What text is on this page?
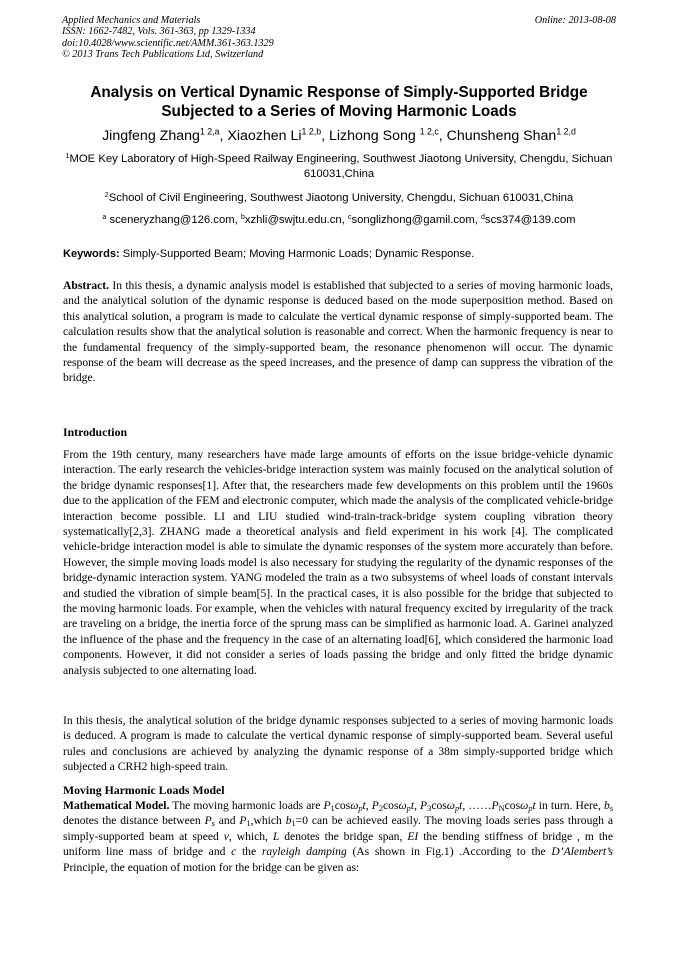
Applied Mechanics and Materials
ISSN: 1662-7482, Vols. 361-363, pp 1329-1334
doi:10.4028/www.scientific.net/AMM.361-363.1329
© 2013 Trans Tech Publications Ltd, Switzerland
Online: 2013-08-08
Analysis on Vertical Dynamic Response of Simply-Supported Bridge
Subjected to a Series of Moving Harmonic Loads
Jingfeng Zhang$^{1 2,a}$, Xiaozhen $Li^{1 2,b}$, Lizhong Song $^{1 2,c}$, Chunsheng Shan$^{1 2,d}$
$^1$MOE Key Laboratory of High-Speed Railway Engineering, Southwest Jiaotong University, Chengdu, Sichuan 610031,China
$^2$School of Civil Engineering, Southwest Jiaotong University, Chengdu, Sichuan 610031,China
$^a$ sceneryzhang@126.com, $^b$xzhli@swjtu.edu.cn, $^c$songlizhong@gamil.com, $^d$scs374@139.com
Keywords: Simply-Supported Beam; Moving Harmonic Loads; Dynamic Response.
Abstract. In this thesis, a dynamic analysis model is established that subjected to a series of moving harmonic loads, and the analytical solution of the dynamic response is deduced based on the mode superposition method. Based on this analytical solution, a program is made to calculate the vertical dynamic response of simply-supported beam. The calculation results show that the analytical solution is reasonable and correct. When the harmonic frequency is near to the fundamental frequency of the simply-supported beam, the resonance phenomenon will occur. The dynamic response of the beam will decrease as the speed increases, and the presence of damp can suppress the vibration of the bridge.
Introduction
From the 19th century, many researchers have made large amounts of efforts on the issue bridge-vehicle dynamic interaction. The early research the vehicles-bridge interaction system was mainly focused on the analytical solution of the bridge dynamic responses[1]. After that, the researchers made few developments on this problem until the 1960s due to the application of the FEM and electronic computer, which made the analysis of the complicated vehicle-bridge interaction become possible. LI and LIU studied wind-train-track-bridge system coupling vibration theory systematically[2,3]. ZHANG made a theoretical analysis and field experiment in his work [4]. The complicated vehicle-bridge interaction model is able to simulate the dynamic responses of the system more accurately than before. However, the simple moving loads model is also necessary for studying the regularity of the dynamic responses of the bridge-dynamic interaction system. YANG modeled the train as a two subsystems of wheel loads of constant intervals and studied the vibration of simple beam[5]. In the practical cases, it is also possible for the bridge that subjected to the moving harmonic loads. For example, when the vehicles with natural frequency excited by irregularity of the track are traveling on a bridge, the inertia force of the sprung mass can be simplified as harmonic load. A. Garinei analyzed the influence of the phase and the frequency in the case of an alternating load[6], which considered the harmonic load components. However, it did not consider a series of loads passing the bridge and only fitted the bridge dynamic analysis subjected to one alternating load.
In this thesis, the analytical solution of the bridge dynamic responses subjected to a series of moving harmonic loads is deduced. A program is made to calculate the vertical dynamic response of simply-supported beam. Several useful rules and conclusions are achieved by analyzing the dynamic response of a 38m simply-supported bridge which subjected a CRH2 high-speed train.
Moving Harmonic Loads Model
Mathematical Model. The moving harmonic loads are $P_1\cos\omega_pt$, $P_2\cos\omega_pt$, $P_3\cos\omega_pt$, $\dots\dots P_N\cos\omega_pt$ in turn. Here, $b_s$ denotes the distance between $P_s$ and $P_1,which$ $b_1=0$ can be achieved easily. The moving loads series pass through a simply-supported beam at speed v, which, L denotes the bridge span, EI the bending stiffness of bridge , m the uniform line mass of bridge and c the rayleigh damping (As shown in Fig.1) .According to the D’Alembert’s Principle, the equation of motion for the bridge can be given as:
